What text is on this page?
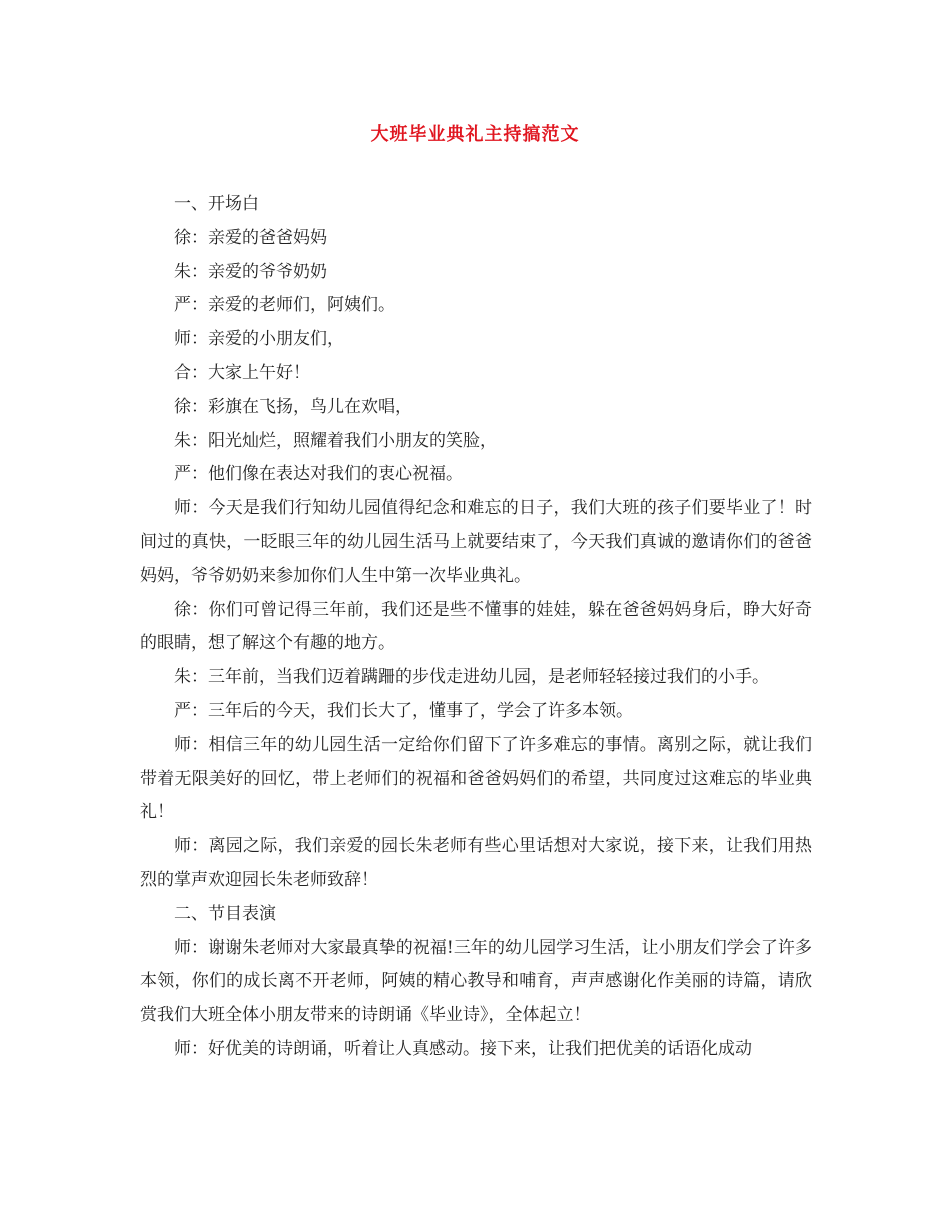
大班毕业典礼主持搞范文

一、开场白

徐：亲爱的爸爸妈妈

朱：亲爱的爷爷奶奶

严：亲爱的老师们，阿姨们。

师：亲爱的小朋友们，

合：大家上午好！

徐：彩旗在飞扬，鸟儿在欢唱，

朱：阳光灿烂，照耀着我们小朋友的笑脸，

严：他们像在表达对我们的衷心祝福。

师：今天是我们行知幼儿园值得纪念和难忘的日子，我们大班的孩子们要毕业了！时间过的真快，一眨眼三年的幼儿园生活马上就要结束了，今天我们真诚的邀请你们的爸爸妈妈，爷爷奶奶来参加你们人生中第一次毕业典礼。

徐：你们可曾记得三年前，我们还是些不懂事的娃娃，躲在爸爸妈妈身后，睁大好奇的眼睛，想了解这个有趣的地方。

朱：三年前，当我们迈着蹒跚的步伐走进幼儿园，是老师轻轻接过我们的小手。

严：三年后的今天，我们长大了，懂事了，学会了许多本领。

师：相信三年的幼儿园生活一定给你们留下了许多难忘的事情。离别之际，就让我们带着无限美好的回忆，带上老师们的祝福和爸爸妈妈们的希望，共同度过这难忘的毕业典礼！

师：离园之际，我们亲爱的园长朱老师有些心里话想对大家说，接下来，让我们用热烈的掌声欢迎园长朱老师致辞！

二、节目表演

师：谢谢朱老师对大家最真挚的祝福!三年的幼儿园学习生活，让小朋友们学会了许多本领，你们的成长离不开老师，阿姨的精心教导和哺育，声声感谢化作美丽的诗篇，请欣赏我们大班全体小朋友带来的诗朗诵《毕业诗》，全体起立！

师：好优美的诗朗诵，听着让人真感动。接下来，让我们把优美的话语化成动
